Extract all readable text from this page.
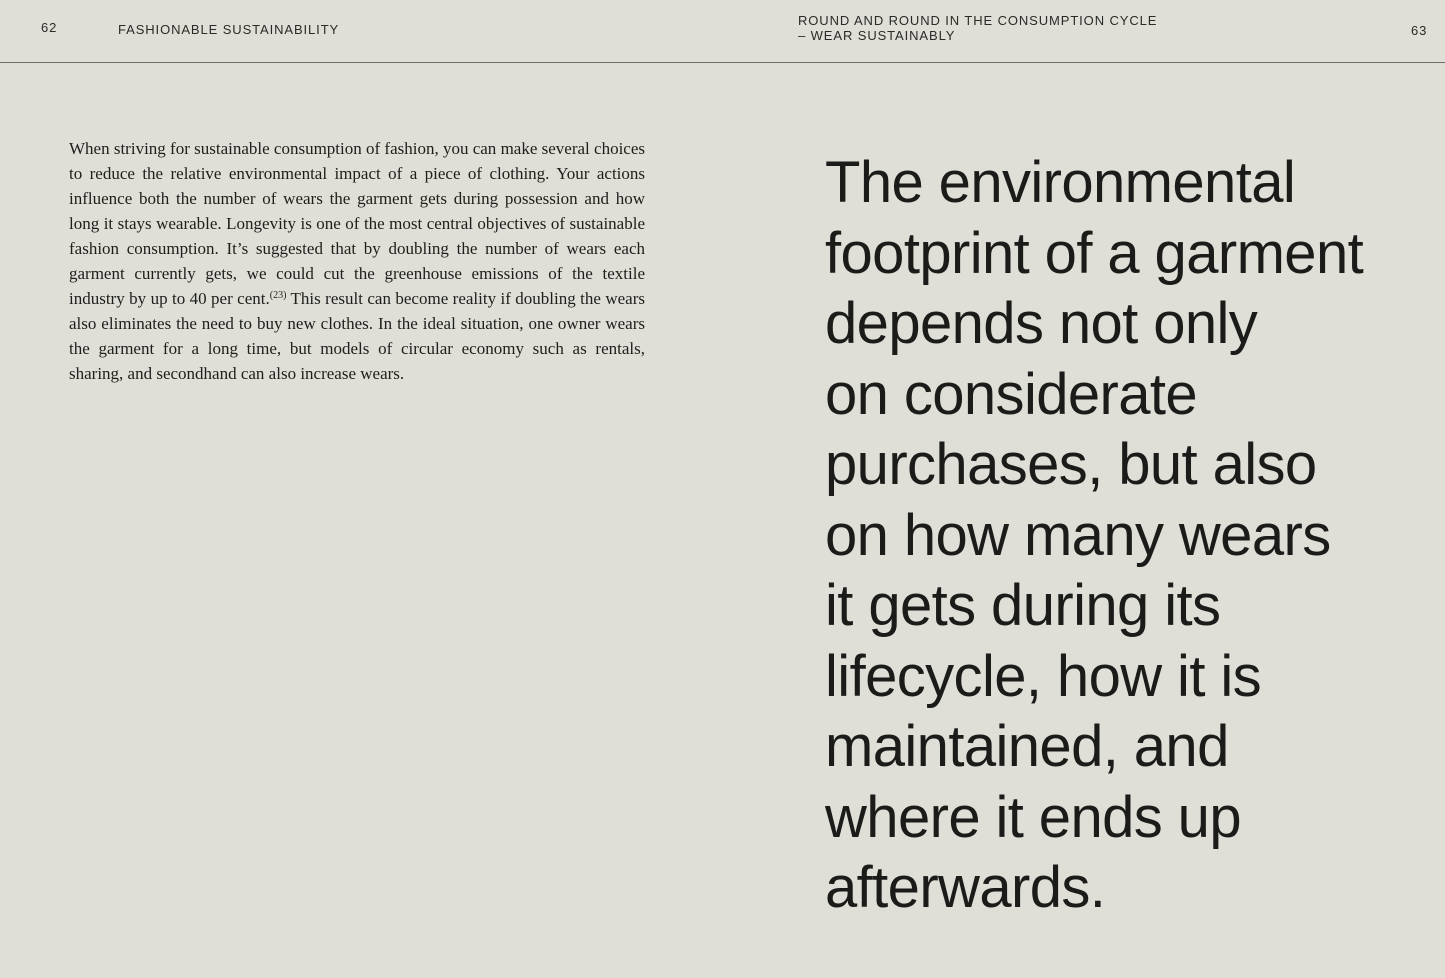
62	FASHIONABLE SUSTAINABILITY
ROUND AND ROUND IN THE CONSUMPTION CYCLE
– WEAR SUSTAINABLY	63

When striving for sustainable consumption of fashion, you can make several choices to reduce the relative environmental impact of a piece of clothing. Your actions influence both the number of wears the garment gets during possession and how long it stays wearable. Longevity is one of the most central objectives of sustainable fashion consumption. It’s suggested that by doubling the number of wears each garment currently gets, we could cut the greenhouse emissions of the textile industry by up to 40 per cent.$^{(23)}$ This result can become reality if doubling the wears also eliminates the need to buy new clothes. In the ideal situation, one owner wears the garment for a long time, but models of circular economy such as rentals, sharing, and secondhand can also increase wears.

The environmental
footprint of a garment
depends not only
on considerate
purchases, but also
on how many wears
it gets during its
lifecycle, how it is
maintained, and
where it ends up
afterwards.
